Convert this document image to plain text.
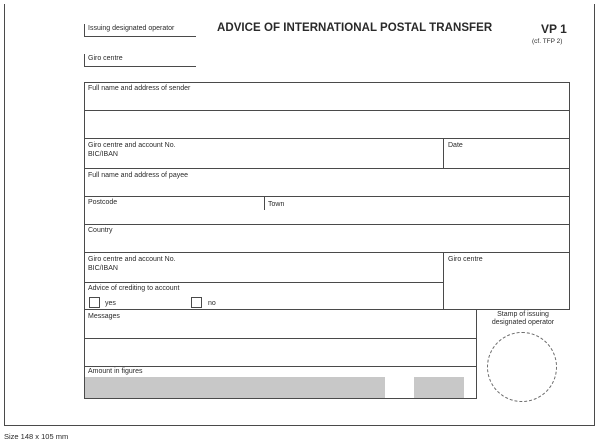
Issuing designated operator
Giro centre
ADVICE OF INTERNATIONAL POSTAL TRANSFER	VP 1
(cf. TFP 2)
Full name and address of sender
Giro centre and account No.
BIC/IBAN
Date
Full name and address of payee
Postcode	Town
Country
Giro centre and account No.
BIC/IBAN
Giro centre
Advice of crediting to account
yes	no
Messages
Amount in figures
Stamp of issuing
designated operator
Size 148 x 105 mm
